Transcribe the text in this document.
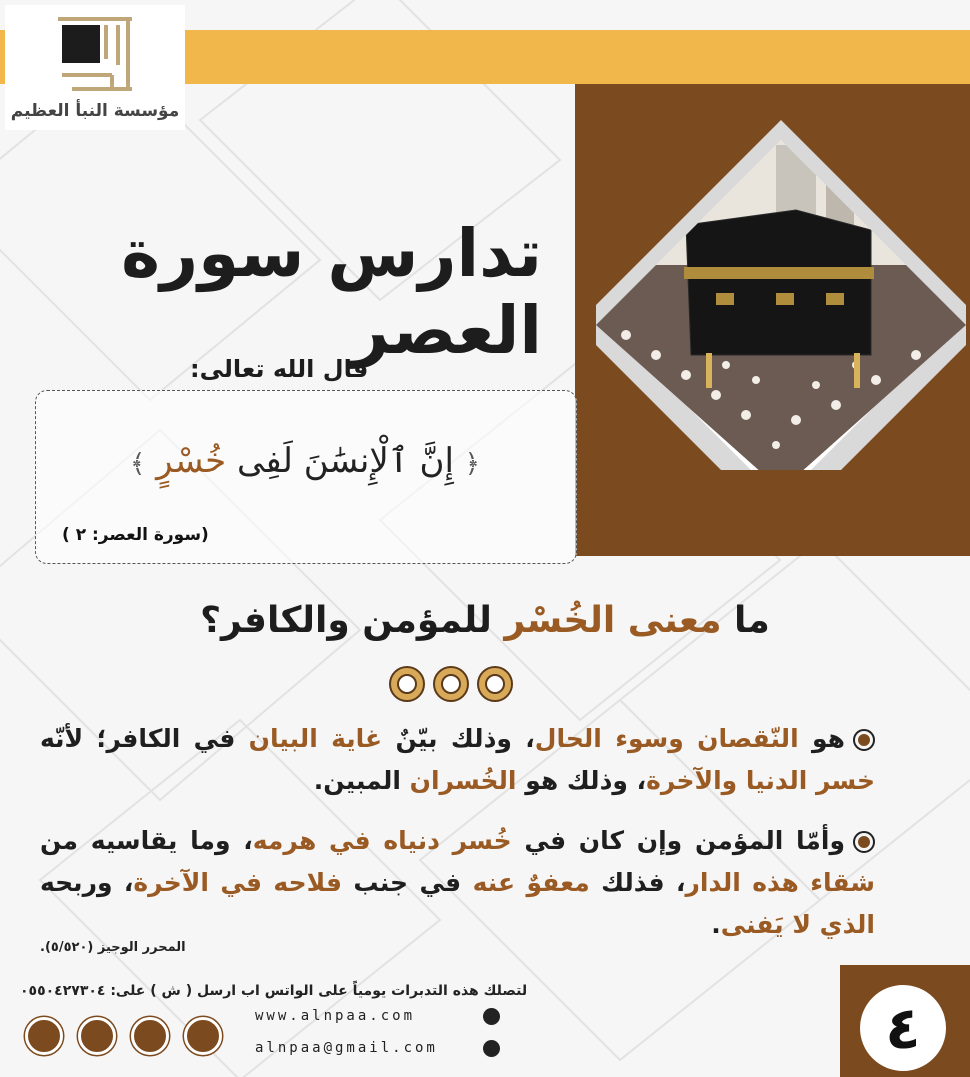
مؤسسة النبأ العظيم
تدارس سورة العصر
قال الله تعالى:
﴿ إِنَّ ٱلْإِنسَٰنَ لَفِى خُسْرٍ ﴾
(سورة العصر: ٢ )
ما معنى الخُسْر للمؤمن والكافر؟
هو النّقصان وسوء الحال، وذلك بيّنٌ غاية البيان في الكافر؛ لأنّه خسر الدنيا والآخرة، وذلك هو الخُسران المبين.
وأمّا المؤمن وإن كان في خُسر دنياه في هرمه، وما يقاسيه من شقاء هذه الدار، فذلك معفوٌ عنه في جنب فلاحه في الآخرة، وربحه الذي لا يَفنى.
المحرر الوجيز (٥/٥٢٠).
لتصلك هذه التدبرات يومياً على الواتس اب ارسل ( ش ) على: ٠٥٥٠٤٢٧٣٠٤
www.alnpaa.com
alnpaa@gmail.com	٤
